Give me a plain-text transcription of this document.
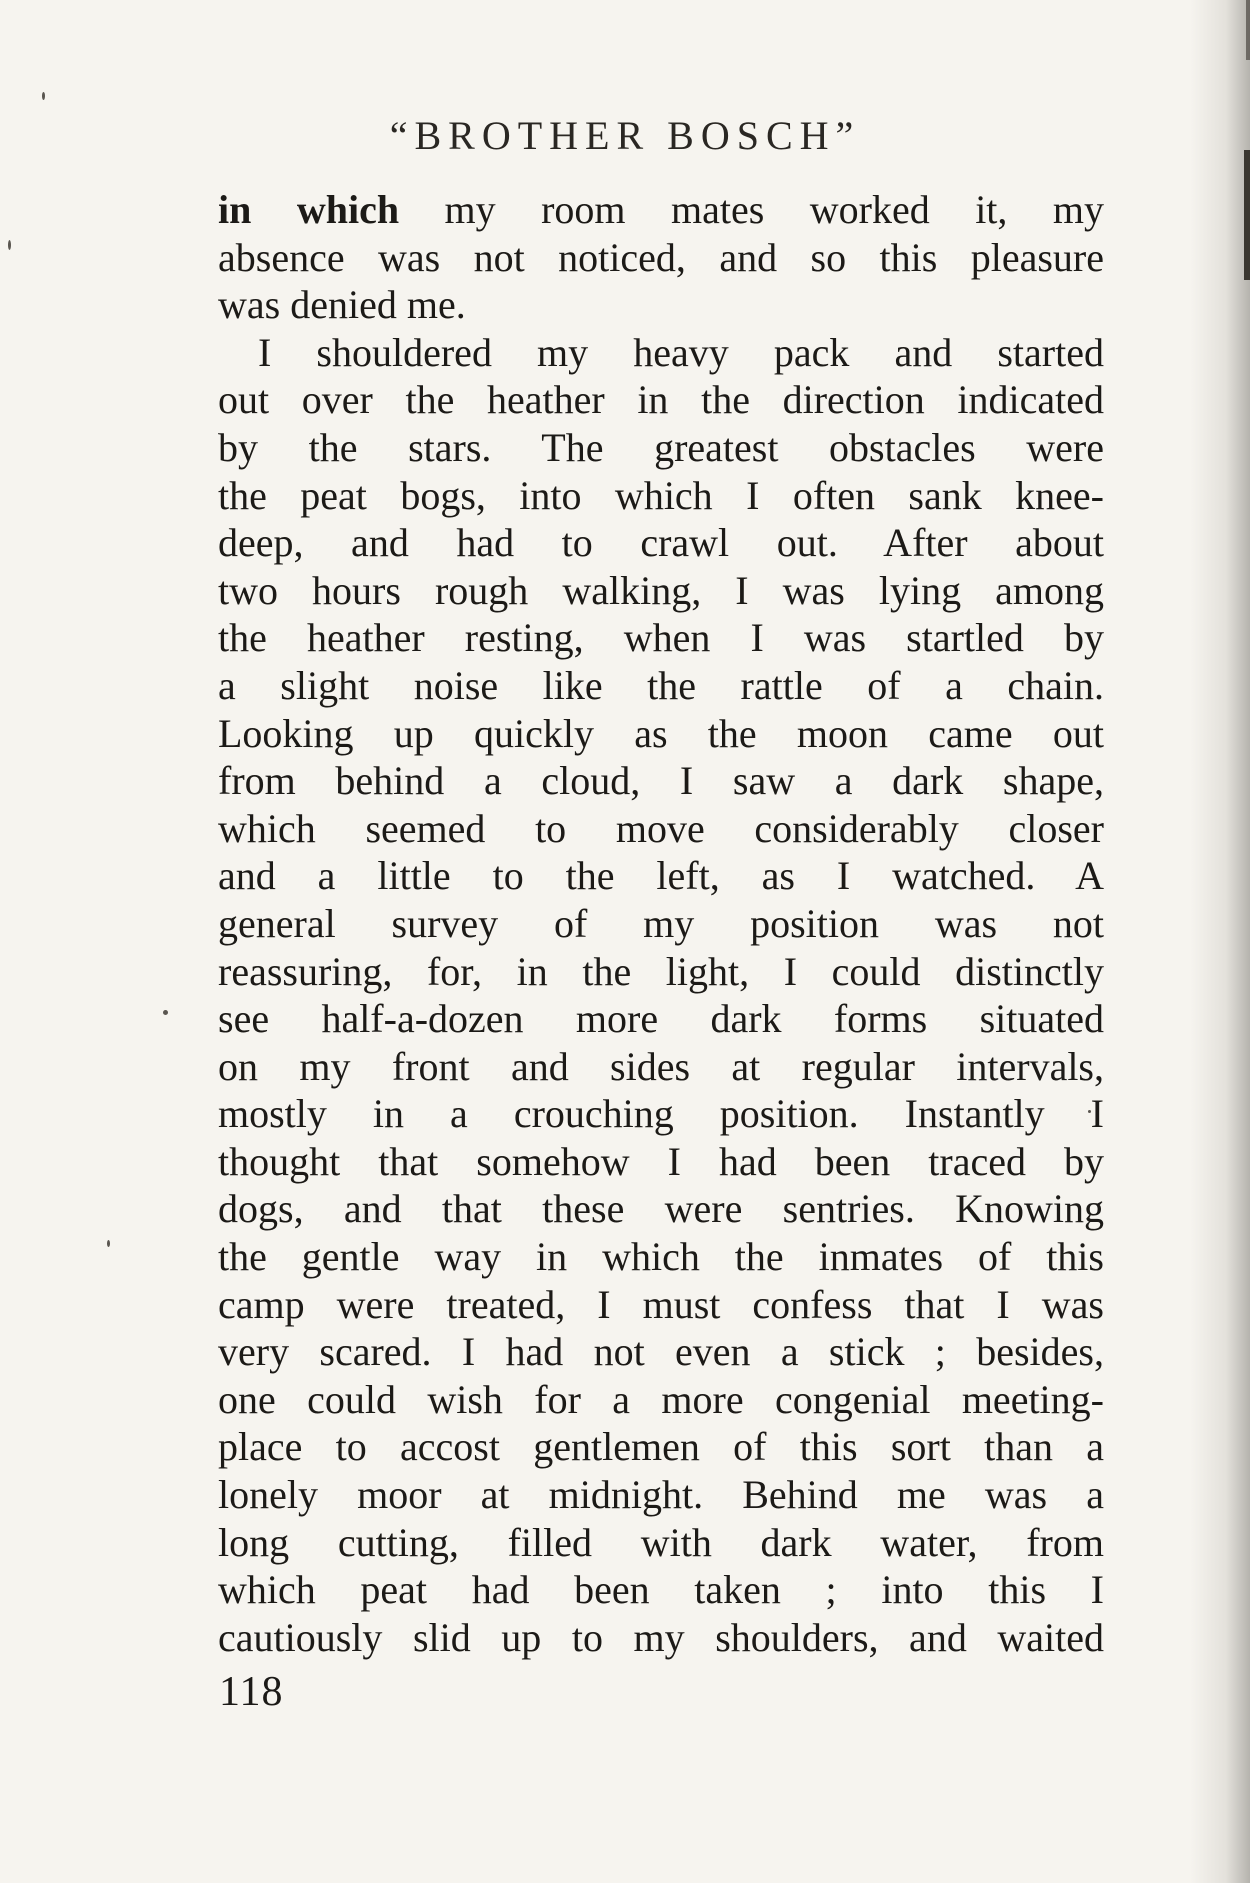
“BROTHER BOSCH”
in which my room mates worked it, my
absence was not noticed, and so this pleasure
was denied me.
I shouldered my heavy pack and started
out over the heather in the direction indicated
by the stars. The greatest obstacles were
the peat bogs, into which I often sank knee-
deep, and had to crawl out. After about
two hours rough walking, I was lying among
the heather resting, when I was startled by
a slight noise like the rattle of a chain.
Looking up quickly as the moon came out
from behind a cloud, I saw a dark shape,
which seemed to move considerably closer
and a little to the left, as I watched. A
general survey of my position was not
reassuring, for, in the light, I could distinctly
see half-a-dozen more dark forms situated
on my front and sides at regular intervals,
mostly in a crouching position. Instantly I
thought that somehow I had been traced by
dogs, and that these were sentries. Knowing
the gentle way in which the inmates of this
camp were treated, I must confess that I was
very scared. I had not even a stick ; besides,
one could wish for a more congenial meeting-
place to accost gentlemen of this sort than a
lonely moor at midnight. Behind me was a
long cutting, filled with dark water, from
which peat had been taken ; into this I
cautiously slid up to my shoulders, and waited
118
